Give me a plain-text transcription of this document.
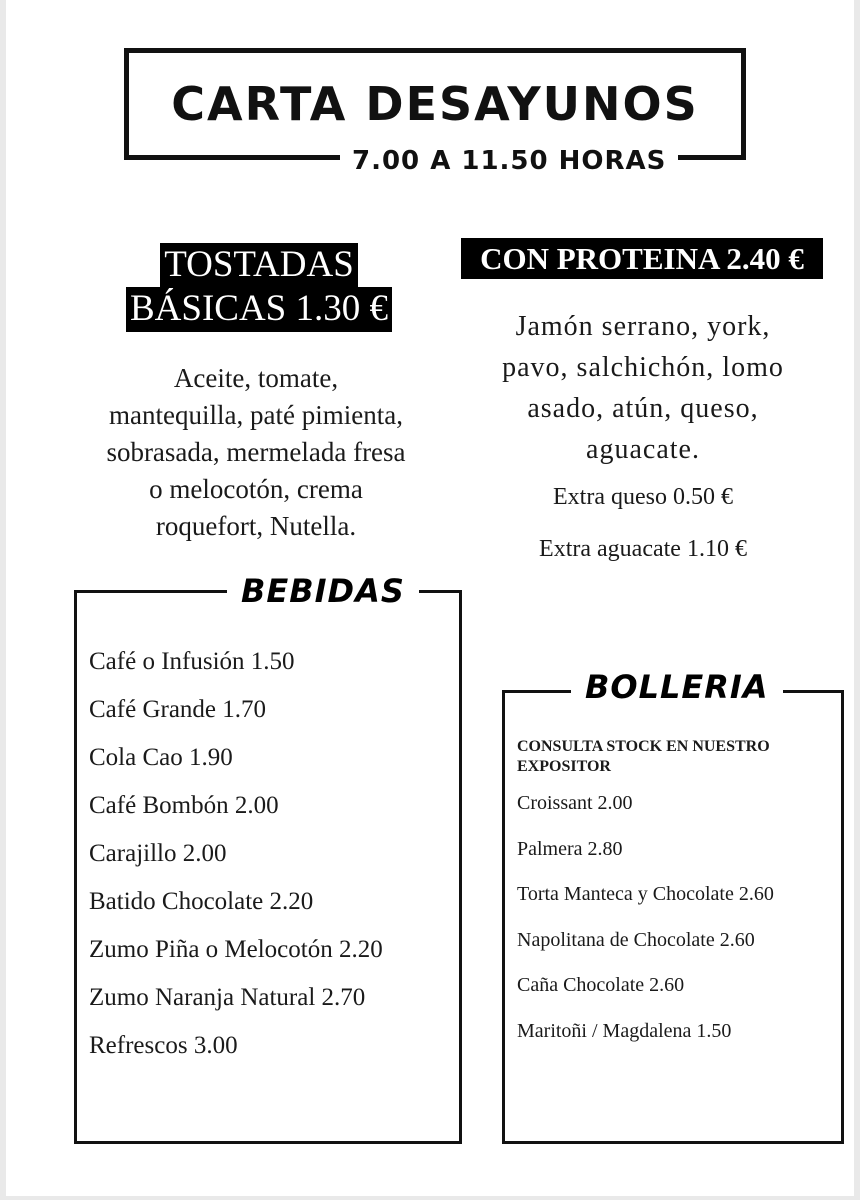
CARTA DESAYUNOS
7.00 A 11.50 HORAS
TOSTADAS
BÁSICAS 1.30 €
Aceite, tomate,
mantequilla, paté pimienta,
sobrasada, mermelada fresa
o melocotón, crema
roquefort, Nutella.
CON PROTEINA 2.40 €
Jamón serrano, york,
pavo, salchichón, lomo
asado, atún, queso,
aguacate.
Extra queso 0.50 €
Extra aguacate 1.10 €
BEBIDAS
Café o Infusión 1.50
Café Grande 1.70
Cola Cao 1.90
Café Bombón 2.00
Carajillo 2.00
Batido Chocolate 2.20
Zumo Piña o Melocotón 2.20
Zumo Naranja Natural 2.70
Refrescos 3.00
BOLLERIA
CONSULTA STOCK EN NUESTRO
EXPOSITOR
Croissant 2.00
Palmera 2.80
Torta Manteca y Chocolate 2.60
Napolitana de Chocolate 2.60
Caña Chocolate 2.60
Maritoñi / Magdalena 1.50
